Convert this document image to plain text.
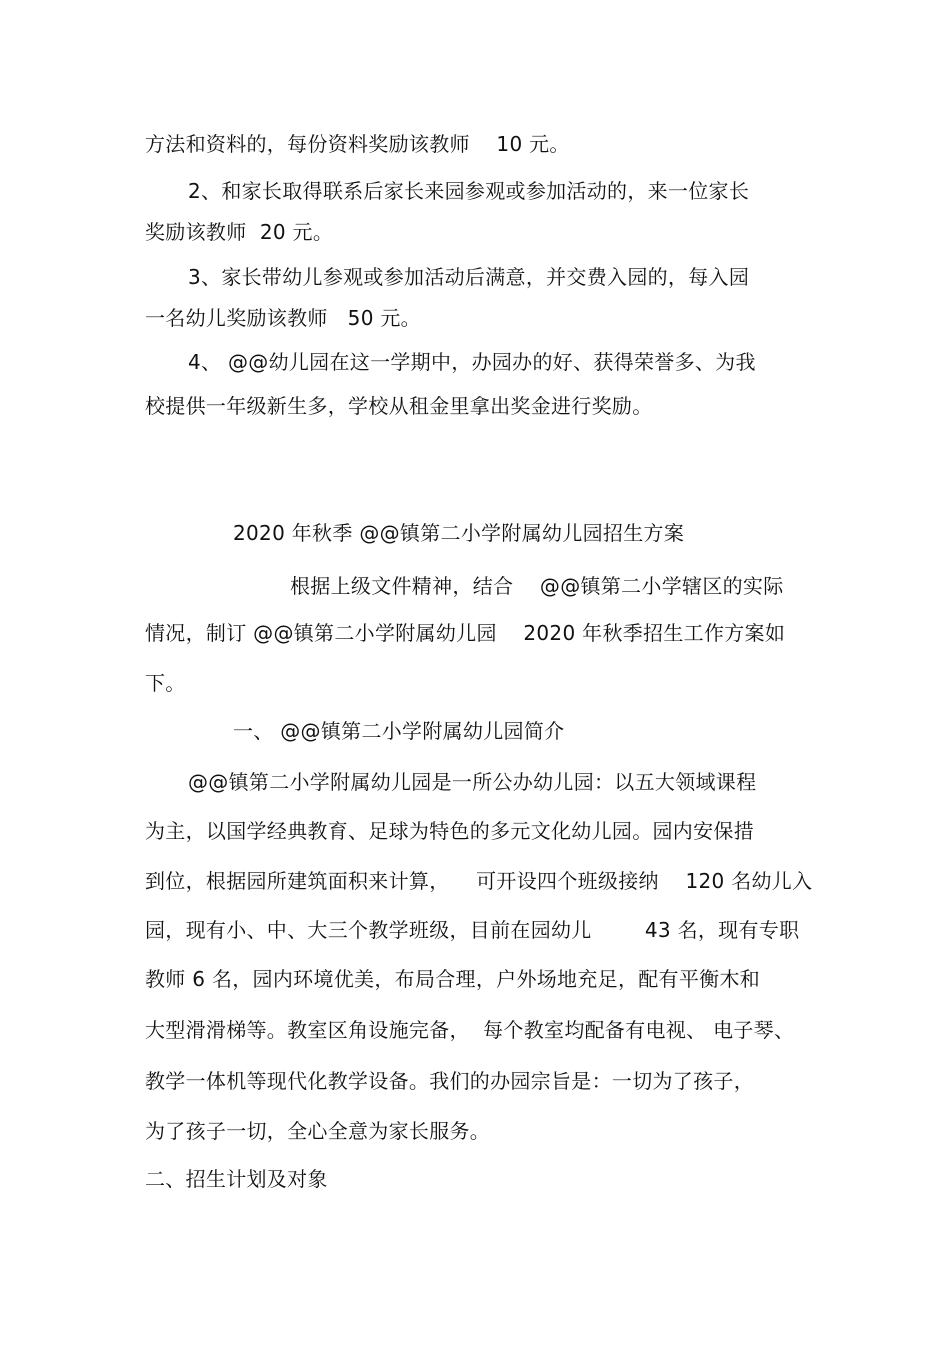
方法和资料的，每份资料奖励该教师    10 元。
2、和家长取得联系后家长来园参观或参加活动的，来一位家长
奖励该教师  20 元。
3、家长带幼儿参观或参加活动后满意，并交费入园的，每入园
一名幼儿奖励该教师   50 元。
4、 @@幼儿园在这一学期中，办园办的好、获得荣誉多、为我
校提供一年级新生多，学校从租金里拿出奖金进行奖励。
2020 年秋季 @@镇第二小学附属幼儿园招生方案
根据上级文件精神，结合    @@镇第二小学辖区的实际
情况，制订 @@镇第二小学附属幼儿园    2020 年秋季招生工作方案如
下。
一、 @@镇第二小学附属幼儿园简介
@@镇第二小学附属幼儿园是一所公办幼儿园：以五大领域课程
为主，以国学经典教育、足球为特色的多元文化幼儿园。园内安保措
到位，根据园所建筑面积来计算，    可开设四个班级接纳    120 名幼儿入
园，现有小、中、大三个教学班级，目前在园幼儿        43 名，现有专职
教师 6 名，园内环境优美，布局合理，户外场地充足，配有平衡木和
大型滑滑梯等。教室区角设施完备，  每个教室均配备有电视、 电子琴、
教学一体机等现代化教学设备。我们的办园宗旨是：一切为了孩子，
为了孩子一切，全心全意为家长服务。
二、招生计划及对象
